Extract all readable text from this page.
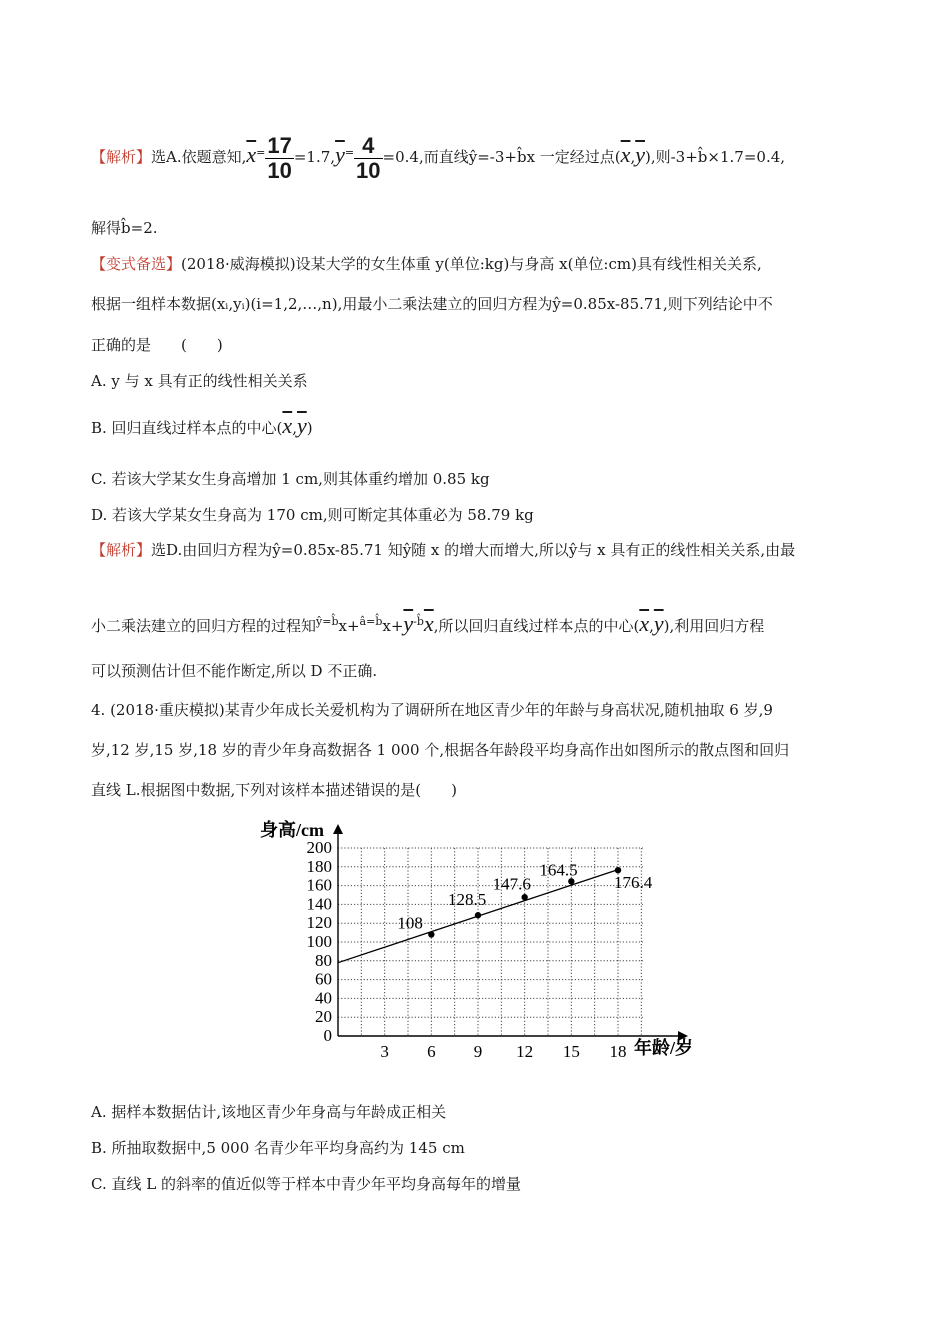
【解析】选A.依题意知$,\overline{x}^= \frac{17}{10} =1.7,\overline{y}^= \frac{4}{10} =0.4$,而直线ŷ=-3+b̂x 一定经过点$(\overline{x},\overline{y})$,则-3+b̂×1.7=0.4,
解得b̂=2.
【变式备选】(2018·威海模拟)设某大学的女生体重 y(单位:kg)与身高 x(单位:cm)具有线性相关关系,
根据一组样本数据(xᵢ,yᵢ)(i=1,2,…,n),用最小二乘法建立的回归方程为ŷ=0.85x-85.71,则下列结论中不
正确的是　　(　　)
A. y 与 x 具有正的线性相关关系
B. 回归直线过样本点的中心$(\overline{x},\overline{y})$
C. 若该大学某女生身高增加 1 cm,则其体重约增加 0.85 kg
D. 若该大学某女生身高为 170 cm,则可断定其体重必为 58.79 kg
【解析】选D.由回归方程为ŷ=0.85x-85.71 知ŷ随 x 的增大而增大,所以ŷ与 x 具有正的线性相关关系,由最
小二乘法建立的回归方程的过程知$^{ŷ=b̂}x+^{â=b̂}x+\overline{y}^{-b̂}\overline{x}$,所以回归直线过样本点的中心$(\overline{x},\overline{y})$,利用回归方程
可以预测估计但不能作断定,所以 D 不正确.
4. (2018·重庆模拟)某青少年成长关爱机构为了调研所在地区青少年的年龄与身高状况,随机抽取 6 岁,9
岁,12 岁,15 岁,18 岁的青少年身高数据各 1 000 个,根据各年龄段平均身高作出如图所示的散点图和回归
直线 L.根据图中数据,下列对该样本描述错误的是(　　)
0
20
40
60
80
100
120
140
160
180
200
3 6 9 12 15 18
108
128.5
147.6
164.5
176.4
身高/cm
年龄/岁
A. 据样本数据估计,该地区青少年身高与年龄成正相关
B. 所抽取数据中,5 000 名青少年平均身高约为 145 cm
C. 直线 L 的斜率的值近似等于样本中青少年平均身高每年的增量
